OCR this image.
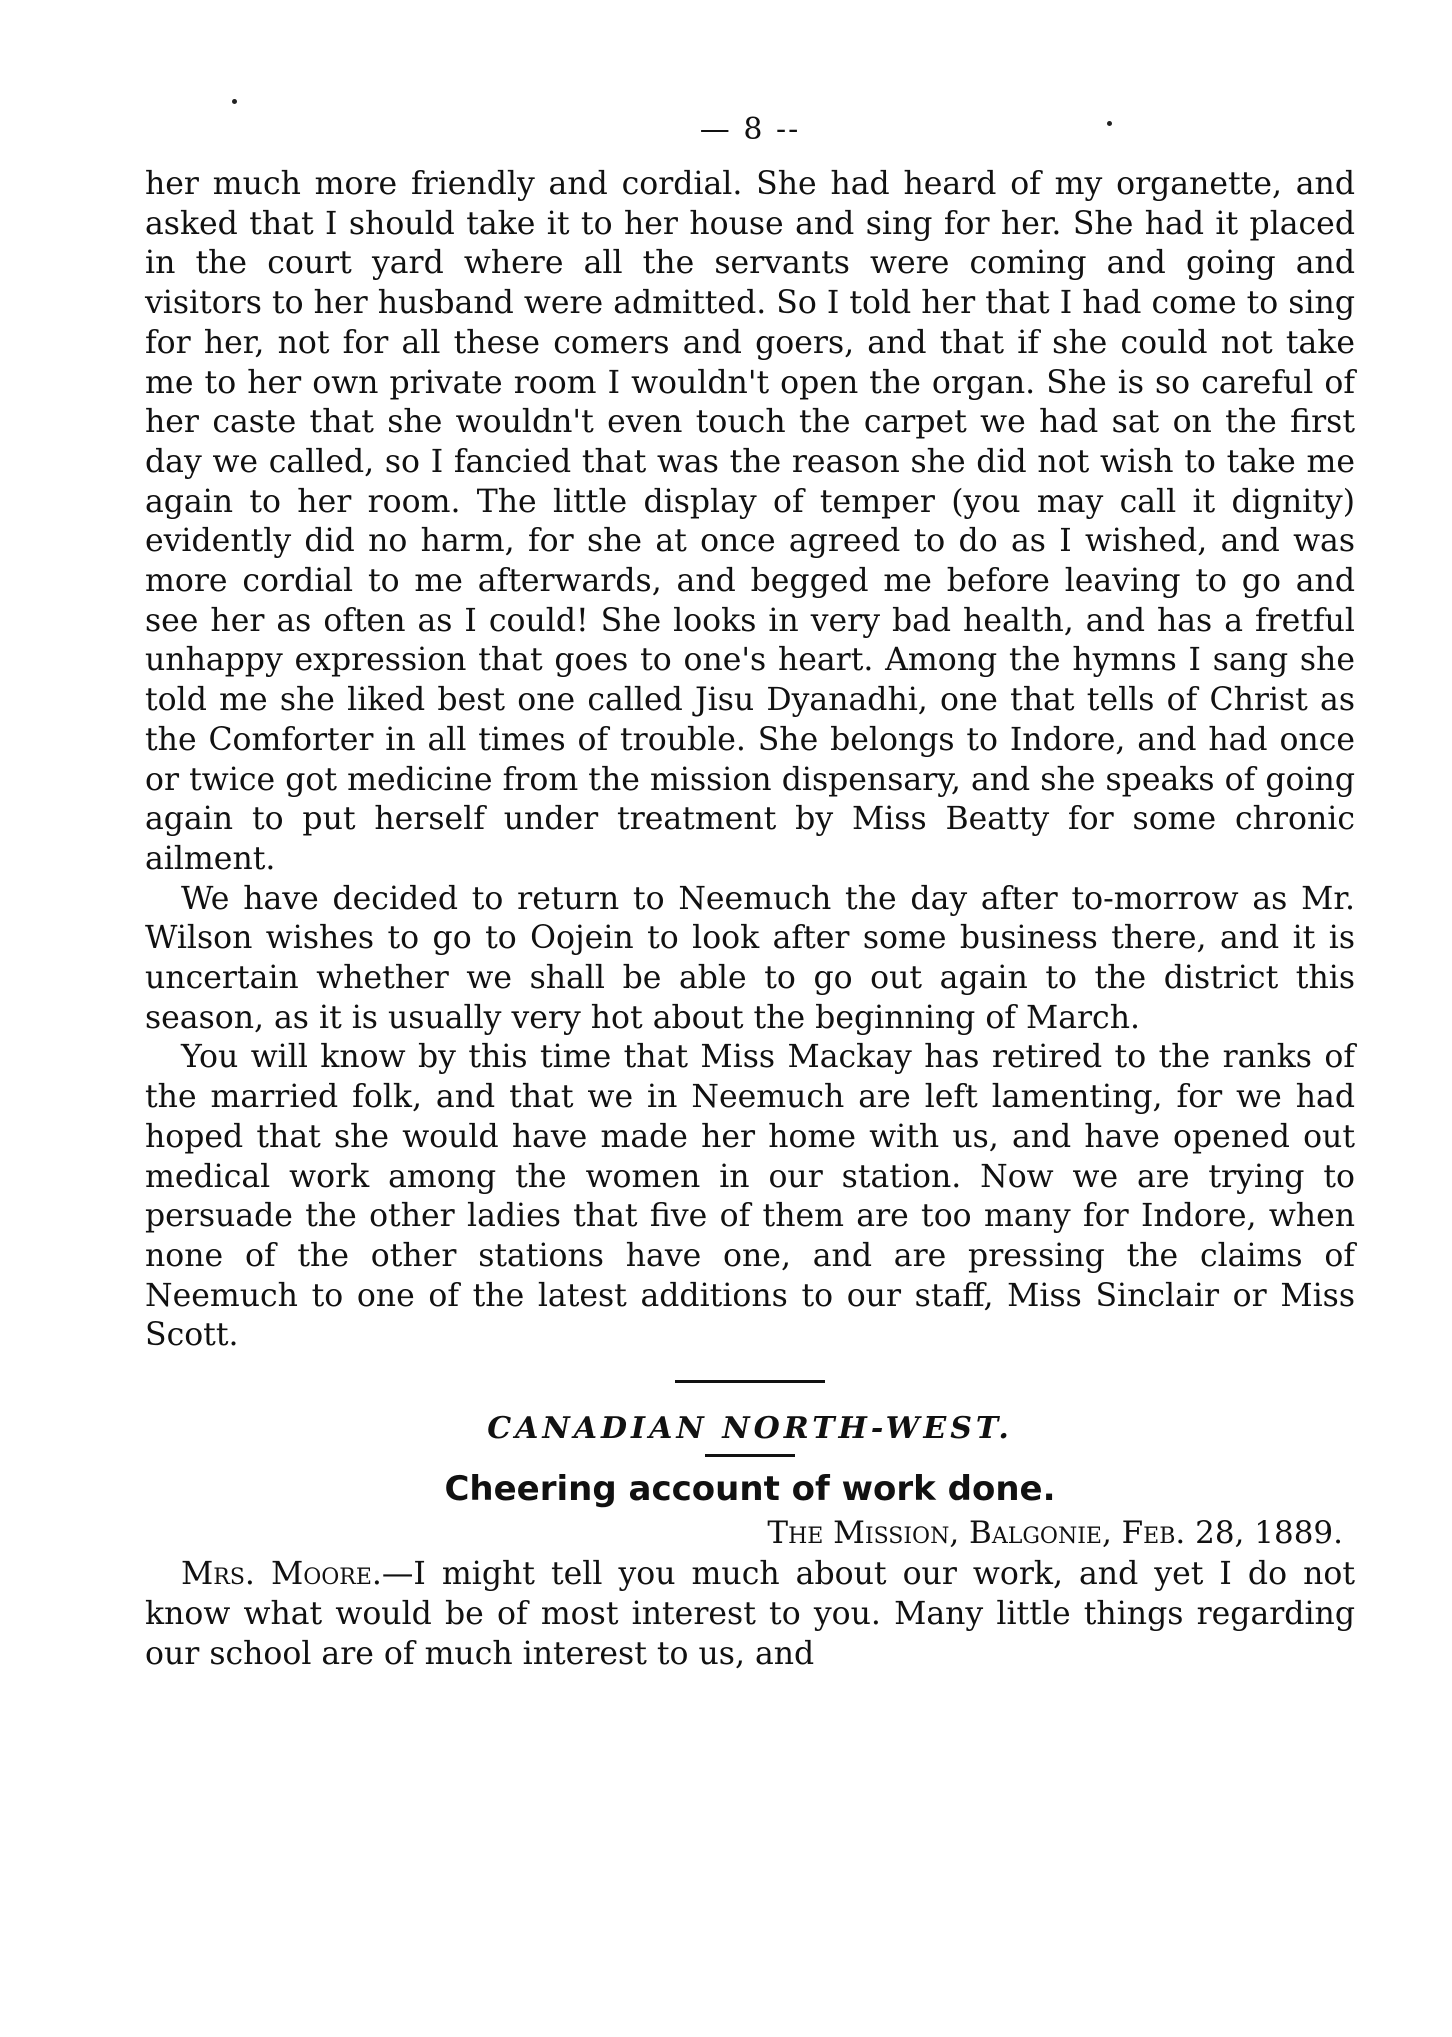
— 8 --

her much more friendly and cordial. She had heard of my organette, and asked that I should take it to her house and sing for her. She had it placed in the court yard where all the servants were coming and going and visitors to her husband were admitted. So I told her that I had come to sing for her, not for all these comers and goers, and that if she could not take me to her own private room I wouldn't open the organ. She is so careful of her caste that she wouldn't even touch the carpet we had sat on the first day we called, so I fancied that was the reason she did not wish to take me again to her room. The little display of temper (you may call it dignity) evidently did no harm, for she at once agreed to do as I wished, and was more cordial to me afterwards, and begged me before leaving to go and see her as often as I could! She looks in very bad health, and has a fretful unhappy expression that goes to one's heart. Among the hymns I sang she told me she liked best one called Jisu Dyanadhi, one that tells of Christ as the Comforter in all times of trouble. She belongs to Indore, and had once or twice got medicine from the mission dispensary, and she speaks of going again to put herself under treatment by Miss Beatty for some chronic ailment.

We have decided to return to Neemuch the day after to-morrow as Mr. Wilson wishes to go to Oojein to look after some business there, and it is uncertain whether we shall be able to go out again to the district this season, as it is usually very hot about the beginning of March.

You will know by this time that Miss Mackay has retired to the ranks of the married folk, and that we in Neemuch are left lamenting, for we had hoped that she would have made her home with us, and have opened out medical work among the women in our station. Now we are trying to persuade the other ladies that five of them are too many for Indore, when none of the other stations have one, and are pressing the claims of Neemuch to one of the latest additions to our staff, Miss Sinclair or Miss Scott.

CANADIAN NORTH-WEST.
Cheering account of work done.
The Mission, Balgonie, Feb. 28, 1889.

Mrs. Moore.—I might tell you much about our work, and yet I do not know what would be of most interest to you. Many little things regarding our school are of much interest to us, and
